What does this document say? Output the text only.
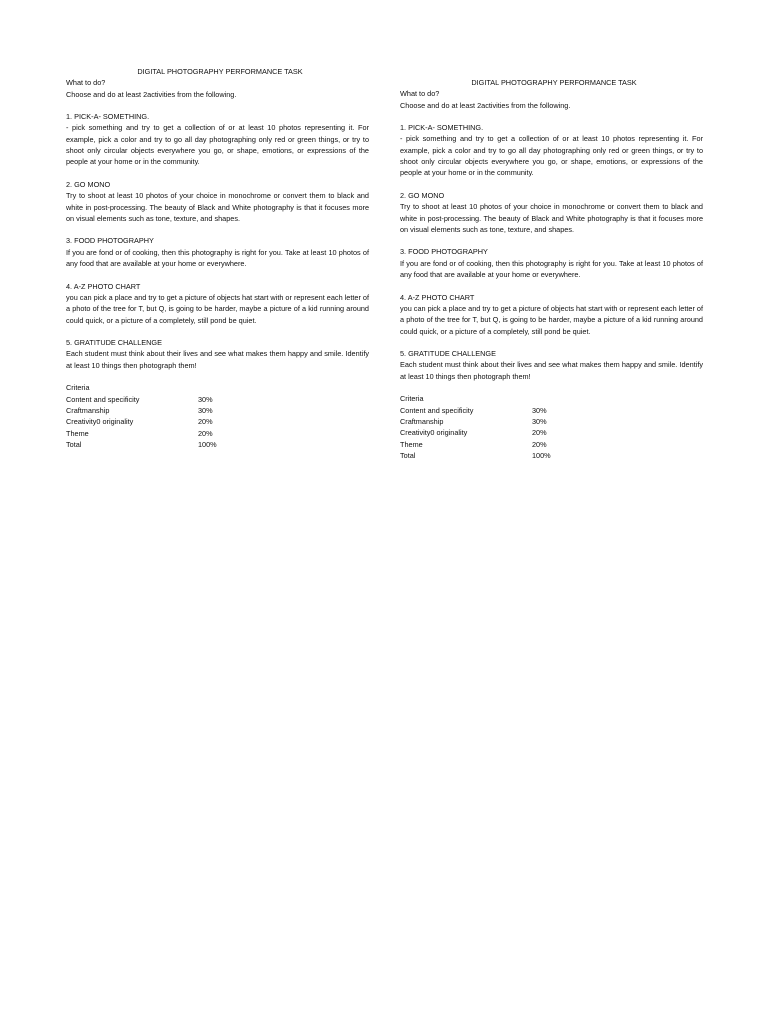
DIGITAL PHOTOGRAPHY PERFORMANCE TASK
What to do?
Choose and do at least 2activities from the following.
1. PICK-A- SOMETHING.
- pick something and try to get a collection of or at least 10 photos representing it. For example, pick a color and try to go all day photographing only red or green things, or try to shoot only circular objects everywhere you go, or shape, emotions, or expressions of the people at your home or in the community.
2. GO MONO
Try to shoot at least 10 photos of your choice in monochrome or convert them to black and white in post-processing. The beauty of Black and White photography is that it focuses more on visual elements such as tone, texture, and shapes.
3. FOOD PHOTOGRAPHY
If you are fond or of cooking, then this photography is right for you. Take at least 10 photos of any food that are available at your home or everywhere.
4. A-Z PHOTO CHART
you can pick a place and try to get a picture of objects hat start with or represent each letter of a photo of the tree for T, but Q, is going to be harder, maybe a picture of a kid running around could quick, or a picture of a completely, still pond be quiet.
5. GRATITUDE CHALLENGE
Each student must think about their lives and see what makes them happy and smile. Identify at least 10 things then photograph them!
Criteria
Content and specificity	30%
Craftmanship	30%
Creativity0 originality	20%
Theme	20%
Total	100%
DIGITAL PHOTOGRAPHY PERFORMANCE TASK
What to do?
Choose and do at least 2activities from the following.
1. PICK-A- SOMETHING.
- pick something and try to get a collection of or at least 10 photos representing it. For example, pick a color and try to go all day photographing only red or green things, or try to shoot only circular objects everywhere you go, or shape, emotions, or expressions of the people at your home or in the community.
2. GO MONO
Try to shoot at least 10 photos of your choice in monochrome or convert them to black and white in post-processing. The beauty of Black and White photography is that it focuses more on visual elements such as tone, texture, and shapes.
3. FOOD PHOTOGRAPHY
If you are fond or of cooking, then this photography is right for you. Take at least 10 photos of any food that are available at your home or everywhere.
4. A-Z PHOTO CHART
you can pick a place and try to get a picture of objects hat start with or represent each letter of a photo of the tree for T, but Q, is going to be harder, maybe a picture of a kid running around could quick, or a picture of a completely, still pond be quiet.
5. GRATITUDE CHALLENGE
Each student must think about their lives and see what makes them happy and smile. Identify at least 10 things then photograph them!
Criteria
Content and specificity	30%
Craftmanship	30%
Creativity0 originality	20%
Theme	20%
Total	100%
